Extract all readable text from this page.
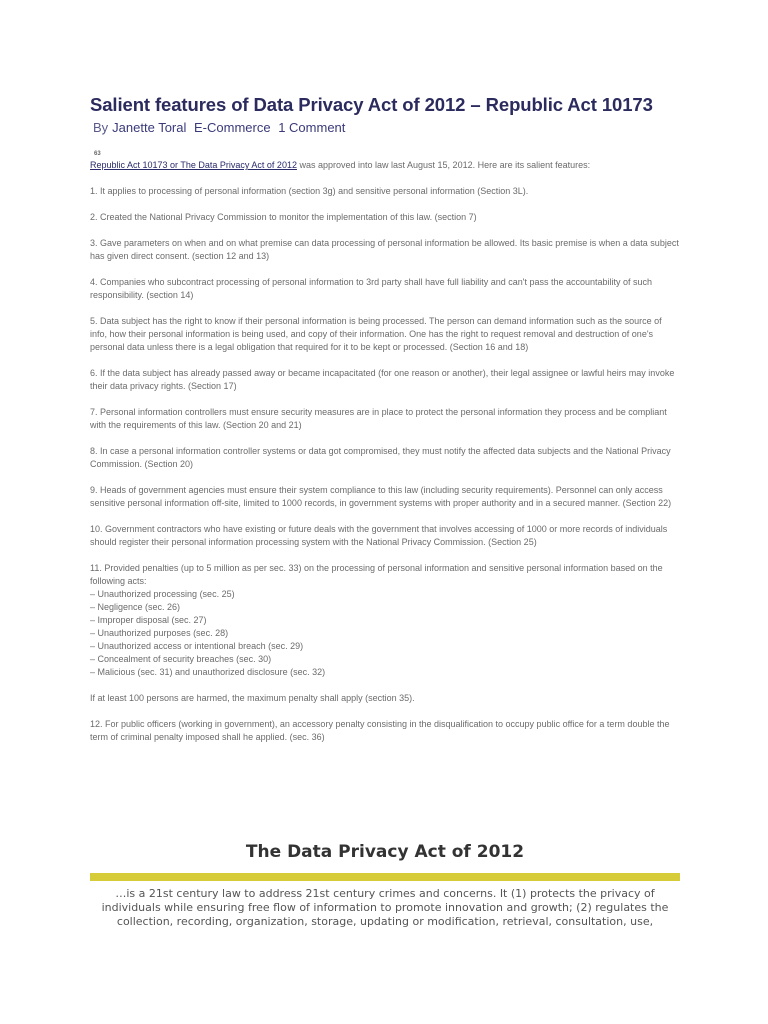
Salient features of Data Privacy Act of 2012 – Republic Act 10173
By Janette Toral E-Commerce 1 Comment
63

Republic Act 10173 or The Data Privacy Act of 2012 was approved into law last August 15, 2012. Here are its salient features:

1. It applies to processing of personal information (section 3g) and sensitive personal information (Section 3L).

2. Created the National Privacy Commission to monitor the implementation of this law. (section 7)

3. Gave parameters on when and on what premise can data processing of personal information be allowed. Its basic premise is when a data subject has given direct consent. (section 12 and 13)

4. Companies who subcontract processing of personal information to 3rd party shall have full liability and can't pass the accountability of such responsibility. (section 14)

5. Data subject has the right to know if their personal information is being processed. The person can demand information such as the source of info, how their personal information is being used, and copy of their information. One has the right to request removal and destruction of one's personal data unless there is a legal obligation that required for it to be kept or processed. (Section 16 and 18)

6. If the data subject has already passed away or became incapacitated (for one reason or another), their legal assignee or lawful heirs may invoke their data privacy rights. (Section 17)

7. Personal information controllers must ensure security measures are in place to protect the personal information they process and be compliant with the requirements of this law. (Section 20 and 21)

8. In case a personal information controller systems or data got compromised, they must notify the affected data subjects and the National Privacy Commission. (Section 20)

9. Heads of government agencies must ensure their system compliance to this law (including security requirements). Personnel can only access sensitive personal information off-site, limited to 1000 records, in government systems with proper authority and in a secured manner. (Section 22)

10. Government contractors who have existing or future deals with the government that involves accessing of 1000 or more records of individuals should register their personal information processing system with the National Privacy Commission. (Section 25)

11. Provided penalties (up to 5 million as per sec. 33) on the processing of personal information and sensitive personal information based on the following acts:
– Unauthorized processing (sec. 25)
– Negligence (sec. 26)
– Improper disposal (sec. 27)
– Unauthorized purposes (sec. 28)
– Unauthorized access or intentional breach (sec. 29)
– Concealment of security breaches (sec. 30)
– Malicious (sec. 31) and unauthorized disclosure (sec. 32)

If at least 100 persons are harmed, the maximum penalty shall apply (section 35).

12. For public officers (working in government), an accessory penalty consisting in the disqualification to occupy public office for a term double the term of criminal penalty imposed shall he applied. (sec. 36)

The Data Privacy Act of 2012
…is a 21st century law to address 21st century crimes and concerns. It (1) protects the privacy of individuals while ensuring free flow of information to promote innovation and growth; (2) regulates the collection, recording, organization, storage, updating or modification, retrieval, consultation, use,
